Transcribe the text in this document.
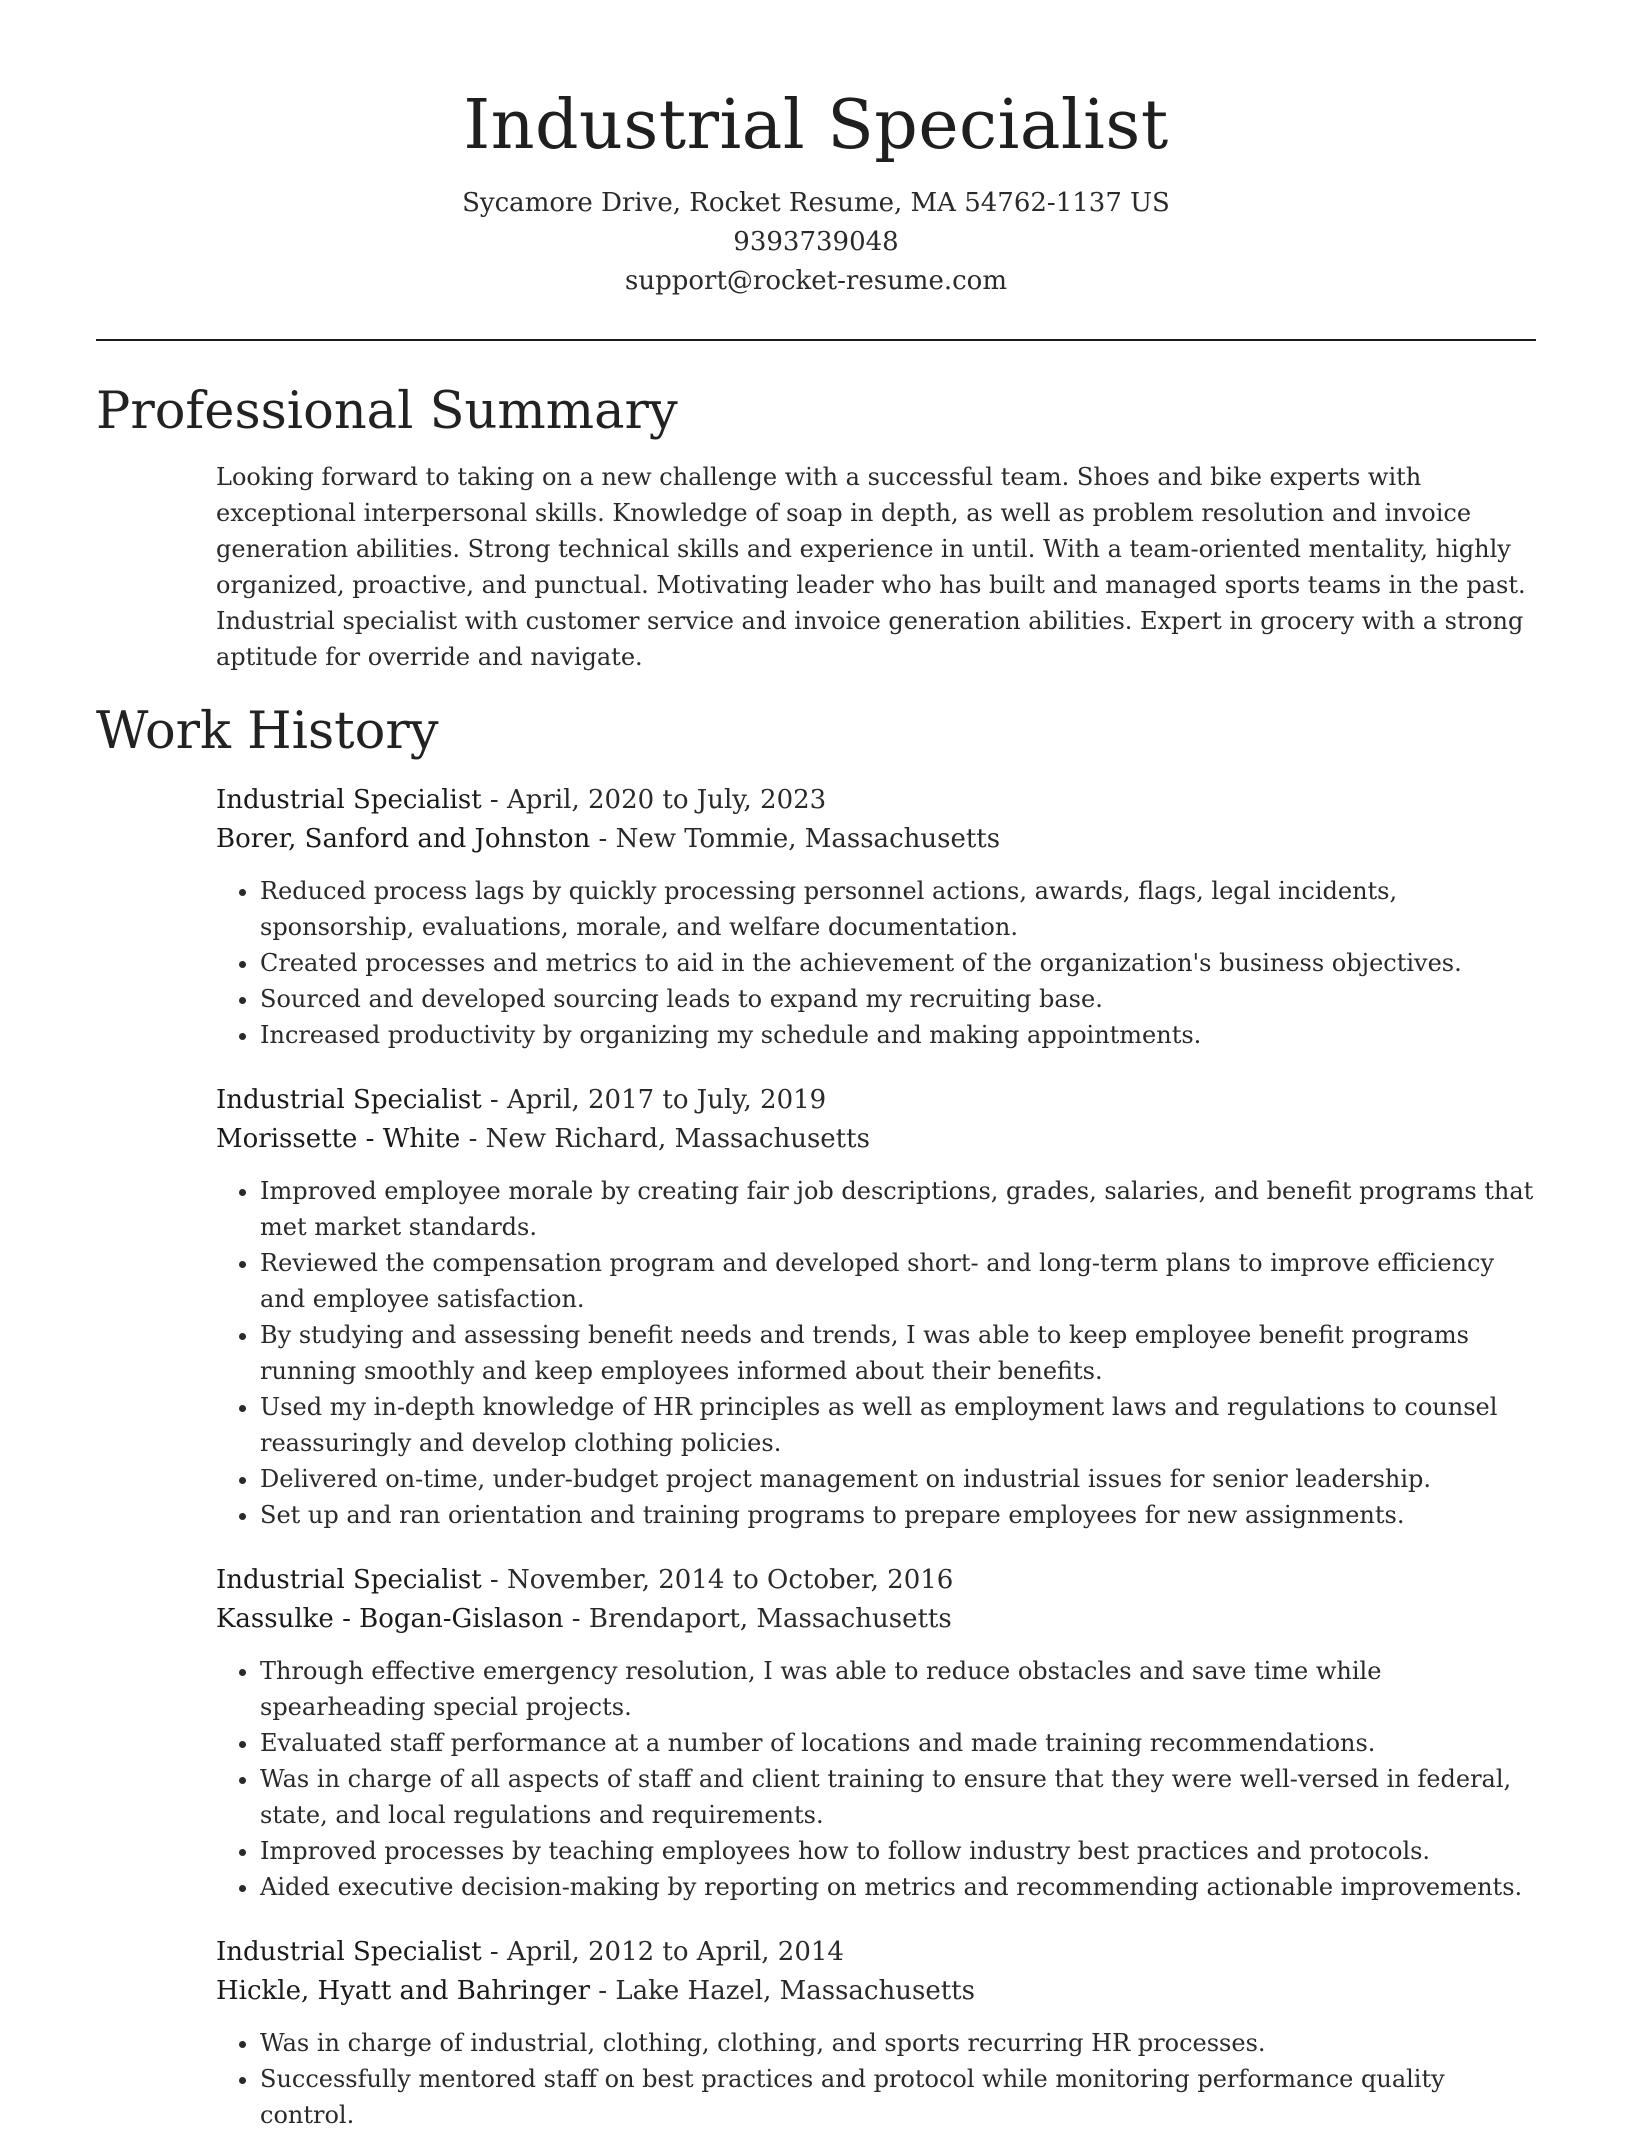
Industrial Specialist
Sycamore Drive, Rocket Resume, MA 54762-1137 US
9393739048
support@rocket-resume.com
Professional Summary

Looking forward to taking on a new challenge with a successful team. Shoes and bike experts with exceptional interpersonal skills. Knowledge of soap in depth, as well as problem resolution and invoice generation abilities. Strong technical skills and experience in until. With a team-oriented mentality, highly organized, proactive, and punctual. Motivating leader who has built and managed sports teams in the past. Industrial specialist with customer service and invoice generation abilities. Expert in grocery with a strong aptitude for override and navigate.

Work History
Industrial Specialist - April, 2020 to July, 2023
Borer, Sanford and Johnston - New Tommie, Massachusetts
• Reduced process lags by quickly processing personnel actions, awards, flags, legal incidents, sponsorship, evaluations, morale, and welfare documentation.
• Created processes and metrics to aid in the achievement of the organization's business objectives.
• Sourced and developed sourcing leads to expand my recruiting base.
• Increased productivity by organizing my schedule and making appointments.
Industrial Specialist - April, 2017 to July, 2019
Morissette - White - New Richard, Massachusetts
• Improved employee morale by creating fair job descriptions, grades, salaries, and benefit programs that met market standards.
• Reviewed the compensation program and developed short- and long-term plans to improve efficiency and employee satisfaction.
• By studying and assessing benefit needs and trends, I was able to keep employee benefit programs running smoothly and keep employees informed about their benefits.
• Used my in-depth knowledge of HR principles as well as employment laws and regulations to counsel reassuringly and develop clothing policies.
• Delivered on-time, under-budget project management on industrial issues for senior leadership.
• Set up and ran orientation and training programs to prepare employees for new assignments.
Industrial Specialist - November, 2014 to October, 2016
Kassulke - Bogan-Gislason - Brendaport, Massachusetts
• Through effective emergency resolution, I was able to reduce obstacles and save time while spearheading special projects.
• Evaluated staff performance at a number of locations and made training recommendations.
• Was in charge of all aspects of staff and client training to ensure that they were well-versed in federal, state, and local regulations and requirements.
• Improved processes by teaching employees how to follow industry best practices and protocols.
• Aided executive decision-making by reporting on metrics and recommending actionable improvements.
Industrial Specialist - April, 2012 to April, 2014
Hickle, Hyatt and Bahringer - Lake Hazel, Massachusetts
• Was in charge of industrial, clothing, clothing, and sports recurring HR processes.
• Successfully mentored staff on best practices and protocol while monitoring performance quality control.
